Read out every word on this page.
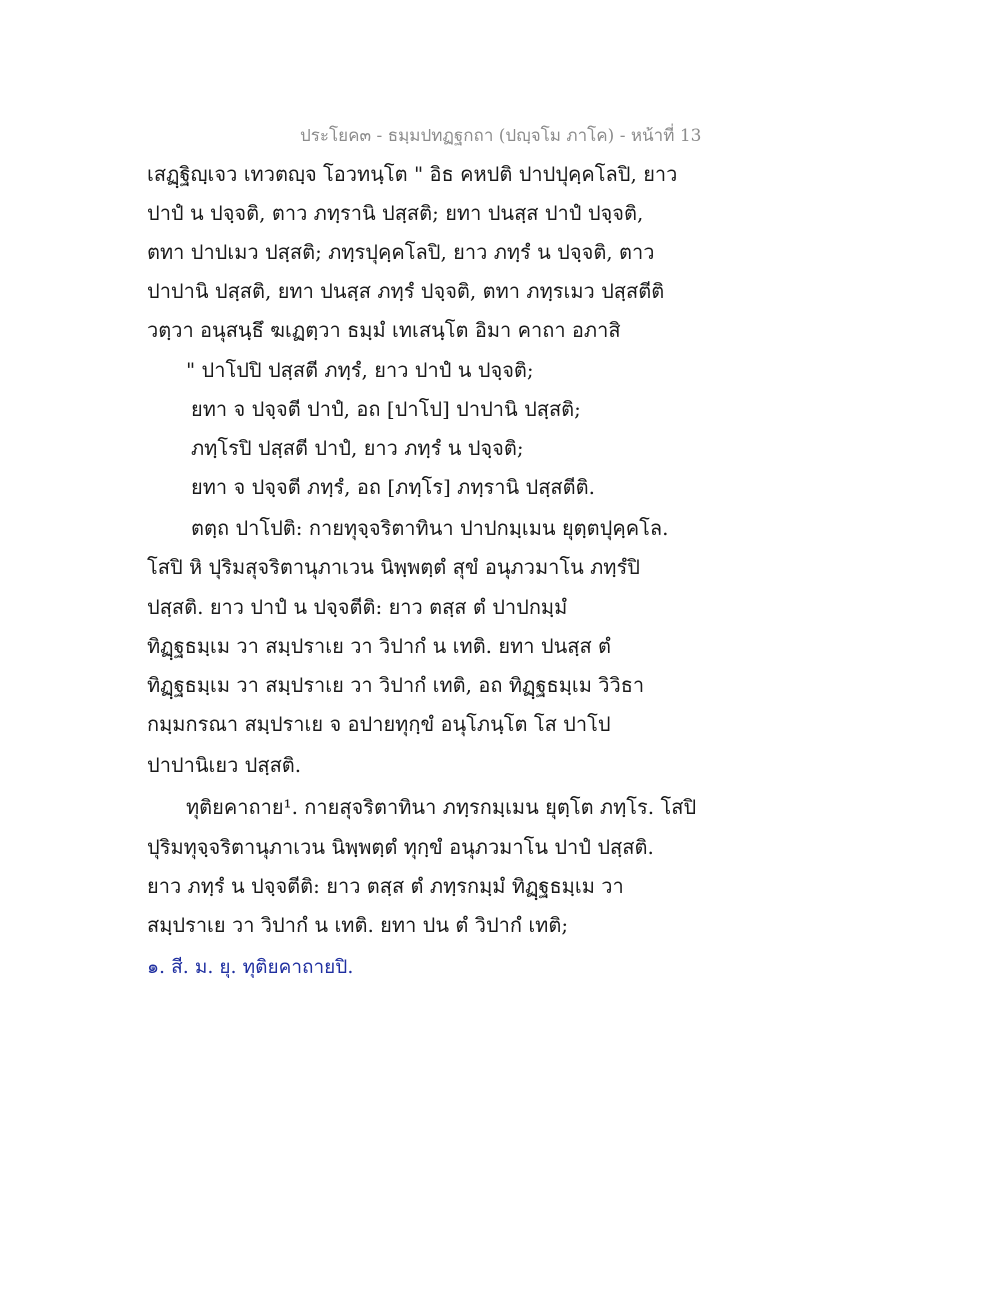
ประโยค๓ - ธมฺมปทฏฐกถา (ปญฺจโม ภาโค) - หน้าที่ 13
เสฏฺฐิญฺเจว เทวตญฺจ โอวทนฺโต " อิธ คหปติ ปาปปุคฺคโลปิ, ยาว
ปาปํ น ปจฺจติ, ตาว ภทฺรานิ ปสฺสติ; ยทา ปนสฺส ปาปํ ปจฺจติ,
ตทา ปาปเมว ปสฺสติ; ภทฺรปุคฺคโลปิ, ยาว ภทฺรํ น ปจฺจติ, ตาว
ปาปานิ ปสฺสติ, ยทา ปนสฺส ภทฺรํ ปจฺจติ, ตทา ภทฺรเมว ปสฺสตีติ
วตฺวา อนุสนฺธึ ฆเฏตฺวา ธมฺมํ เทเสนฺโต อิมา คาถา อภาสิ
" ปาโปปิ ปสฺสตี ภทฺรํ, ยาว ปาปํ น ปจฺจติ;
ยทา จ ปจฺจตี ปาปํ, อถ [ปาโป] ปาปานิ ปสฺสติ;
ภทฺโรปิ ปสฺสตี ปาปํ, ยาว ภทฺรํ น ปจฺจติ;
ยทา จ ปจฺจตี ภทฺรํ, อถ [ภทฺโร] ภทฺรานิ ปสฺสตีติ.
ตตฺถ ปาโปติ: กายทุจฺจริตาทินา ปาปกมฺเมน ยุตฺตปุคฺคโล.
โสปิ หิ ปุริมสุจริตานุภาเวน นิพฺพตฺตํ สุขํ อนุภวมาโน ภทฺรํปิ
ปสฺสติ. ยาว ปาปํ น ปจฺจตีติ: ยาว ตสฺส ตํ ปาปกมฺมํ
ทิฏฺฐธมฺเม วา สมฺปราเย วา วิปากํ น เทติ. ยทา ปนสฺส ตํ
ทิฏฺฐธมฺเม วา สมฺปราเย วา วิปากํ เทติ, อถ ทิฏฺฐธมฺเม วิวิธา
กมฺมกรณา สมฺปราเย จ อปายทุกฺขํ อนุโภนฺโต โส ปาโป
ปาปานิเยว ปสฺสติ.
ทุติยคาถาย¹. กายสุจริตาทินา ภทฺรกมฺเมน ยุตฺโต ภทฺโร. โสปิ
ปุริมทุจฺจริตานุภาเวน นิพฺพตฺตํ ทุกฺขํ อนุภวมาโน ปาปํ ปสฺสติ.
ยาว ภทฺรํ น ปจฺจตีติ: ยาว ตสฺส ตํ ภทฺรกมฺมํ ทิฏฺฐธมฺเม วา
สมฺปราเย วา วิปากํ น เทติ. ยทา ปน ตํ วิปากํ เทติ;
๑. สี. ม. ยุ. ทุติยคาถายปิ.
